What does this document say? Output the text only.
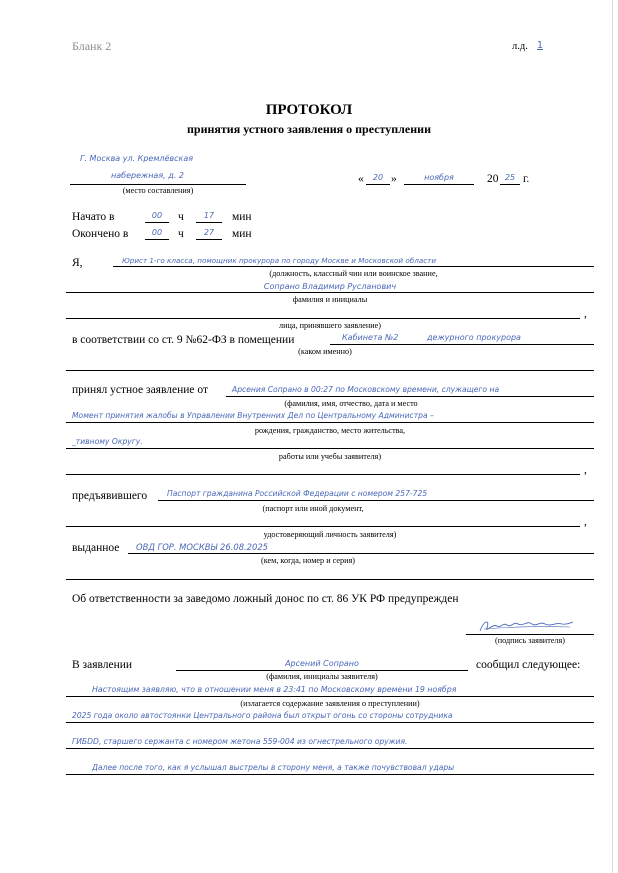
Бланк 2	л.д. 1
ПРОТОКОЛ
принятия устного заявления о преступлении
Г. Москва ул. Кремлёвская
набережная, д. 2
(место составления)
«	20 »	ноября	20 25 г.
Начато в	00	ч	17	мин
Окончено в	00	ч	27	мин
Я,	Юрист 1-го класса, помощник прокурора по городу Москве и Московской области
(должность, классный чин или воинское звание,
Сопрано Владимир Русланович
фамилия и инициалы
,
лица, принявшего заявление)
в соответствии со ст. 9 №62-ФЗ в помещении	Кабинета №2	дежурного прокурора
(каком именно)
принял устное заявление от	Арсения Сопрано в 00:27 по Московскому времени, служащего на
(фамилия, имя, отчество, дата и место
Момент принятия жалобы в Управлении Внутренних Дел по Центральному Администра –
рождения, гражданство, место жительства,
_тивному Округу.
работы или учебы заявителя)
,
предъявившего	Паспорт гражданина Российской Федерации с номером 257-725
(паспорт или иной документ,
,
удостоверяющий личность заявителя)
выданное ОВД ГОР. МОСКВЫ 26.08.2025
(кем, когда, номер и серия)
Об ответственности за заведомо ложный донос по ст. 86 УК РФ предупрежден
(подпись заявителя)
В заявлении	Арсений Сопрано	сообщил следующее:
(фамилия, инициалы заявителя)
Настоящим заявляю, что в отношении меня в 23:41 по Московскому времени 19 ноября
(излагается содержание заявления о преступлении)
2025 года около автостоянки Центрального района был открыт огонь со стороны сотрудника
ГИБDD, старшего сержанта с номером жетона 559-004 из огнестрельного оружия.
Далее после того, как я услышал выстрелы в сторону меня, а также почувствовал удары
